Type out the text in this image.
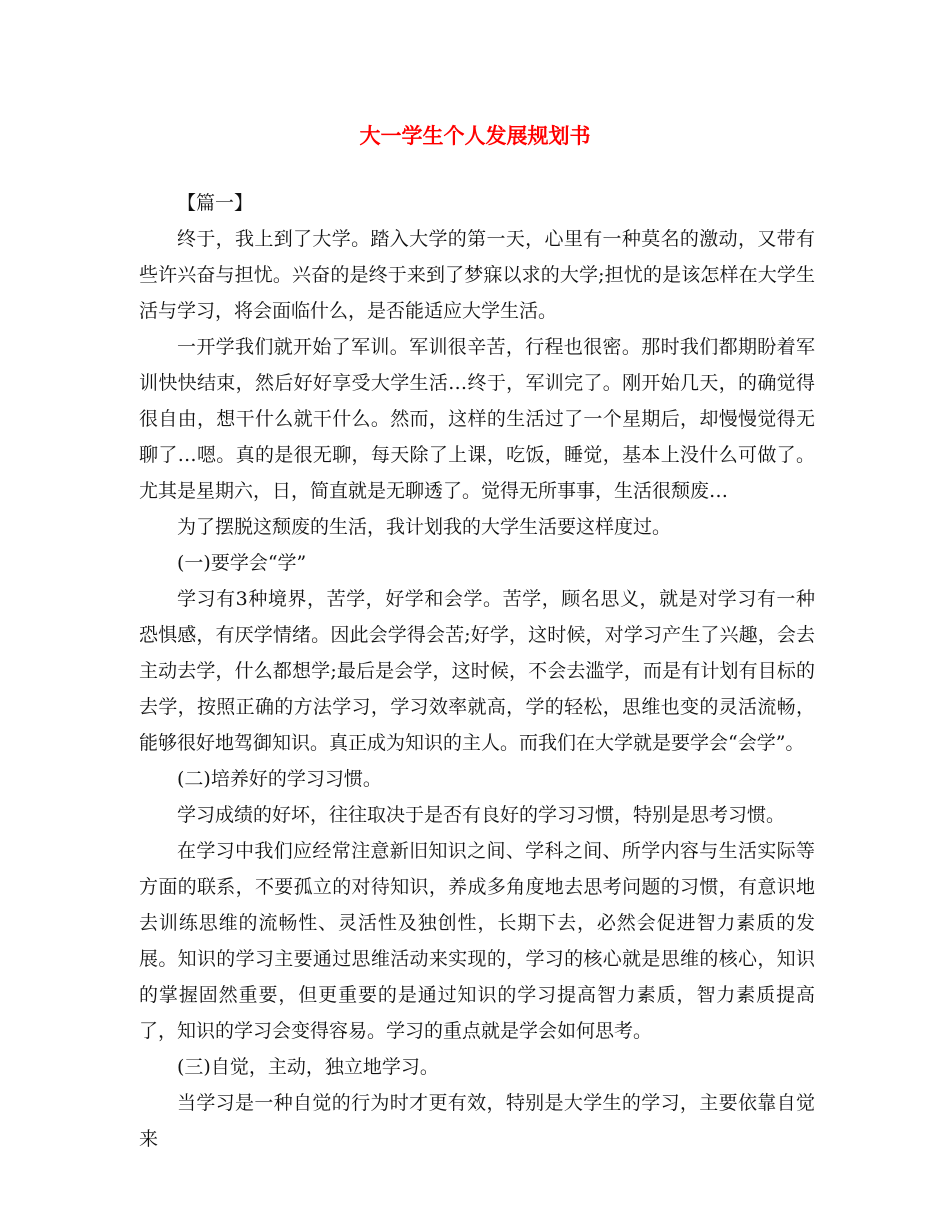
大一学生个人发展规划书

【篇一】

终于，我上到了大学。踏入大学的第一天，心里有一种莫名的激动，又带有些许兴奋与担忧。兴奋的是终于来到了梦寐以求的大学;担忧的是该怎样在大学生活与学习，将会面临什么，是否能适应大学生活。

一开学我们就开始了军训。军训很辛苦，行程也很密。那时我们都期盼着军训快快结束，然后好好享受大学生活…终于，军训完了。刚开始几天，的确觉得很自由，想干什么就干什么。然而，这样的生活过了一个星期后，却慢慢觉得无聊了…嗯。真的是很无聊，每天除了上课，吃饭，睡觉，基本上没什么可做了。尤其是星期六，日，简直就是无聊透了。觉得无所事事，生活很颓废…

为了摆脱这颓废的生活，我计划我的大学生活要这样度过。

(一)要学会“学”

学习有3种境界，苦学，好学和会学。苦学，顾名思义，就是对学习有一种恐惧感，有厌学情绪。因此会学得会苦;好学，这时候，对学习产生了兴趣，会去主动去学，什么都想学;最后是会学，这时候，不会去滥学，而是有计划有目标的去学，按照正确的方法学习，学习效率就高，学的轻松，思维也变的灵活流畅，能够很好地驾御知识。真正成为知识的主人。而我们在大学就是要学会“会学”。

(二)培养好的学习习惯。

学习成绩的好坏，往往取决于是否有良好的学习习惯，特别是思考习惯。

在学习中我们应经常注意新旧知识之间、学科之间、所学内容与生活实际等方面的联系，不要孤立的对待知识，养成多角度地去思考问题的习惯，有意识地去训练思维的流畅性、灵活性及独创性，长期下去，必然会促进智力素质的发展。知识的学习主要通过思维活动来实现的，学习的核心就是思维的核心，知识的掌握固然重要，但更重要的是通过知识的学习提高智力素质，智力素质提高了，知识的学习会变得容易。学习的重点就是学会如何思考。

(三)自觉，主动，独立地学习。

当学习是一种自觉的行为时才更有效，特别是大学生的学习，主要依靠自觉来
